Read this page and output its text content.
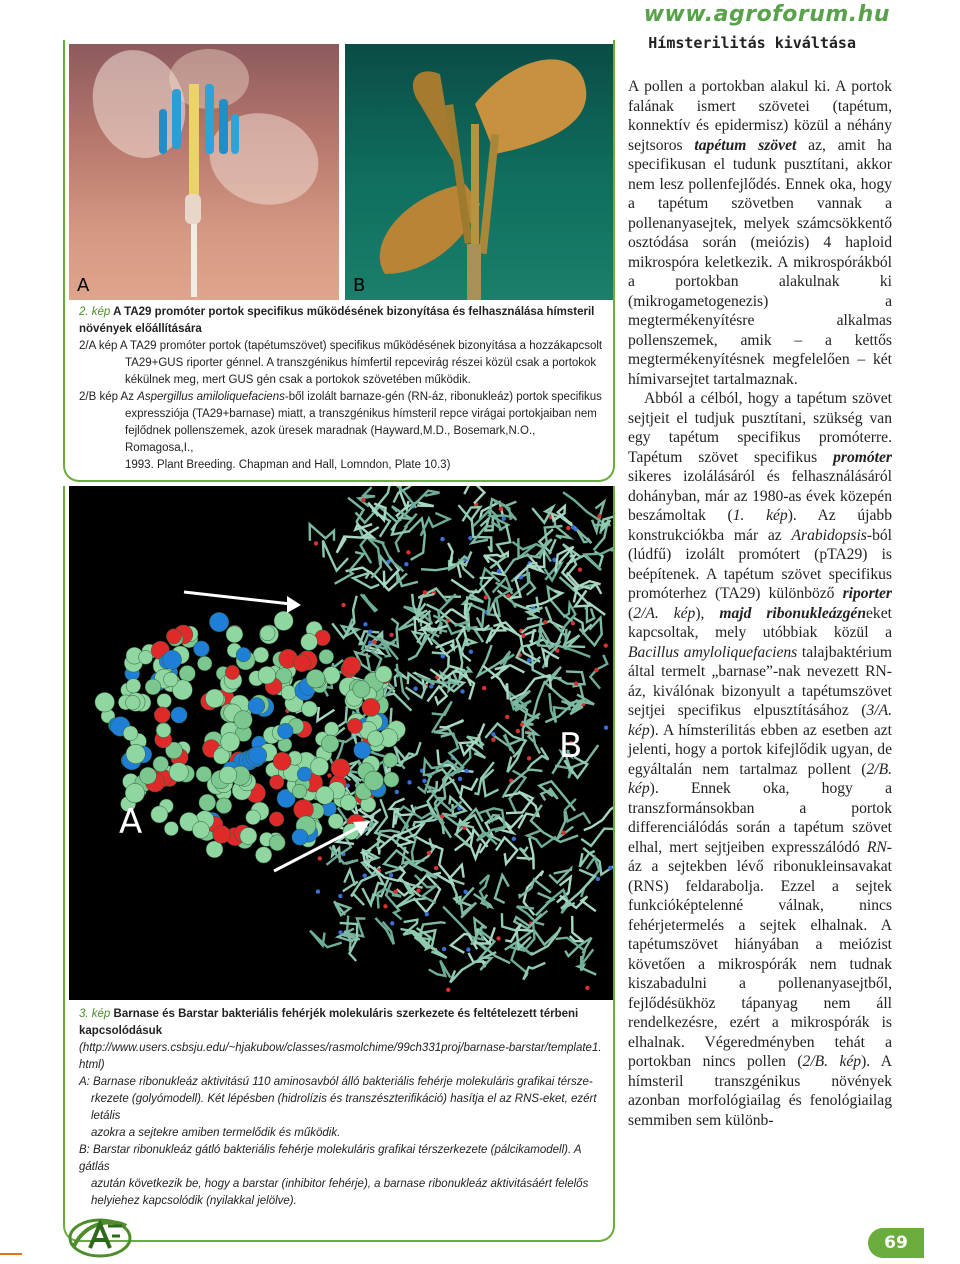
www.agroforum.hu
Hímsterilitás kiváltása
A	B
2. kép A TA29 promóter portok specifikus működésének bizonyítása és felhasználása hímsteril növények előállítására
2/A kép A TA29 promóter portok (tapétumszövet) specifikus működésének bizonyítása a hozzákapcsolt
TA29+GUS riporter génnel. A transzgénikus hímfertil repcevirág részei közül csak a portokok
kékülnek meg, mert GUS gén csak a portokok szövetében működik.
2/B kép Az Aspergillus amiloliquefaciens-ből izolált barnaze-gén (RN-áz, ribonukleáz) portok specifikus
expressziója (TA29+barnase) miatt, a transzgénikus hímsteril repce virágai portokjaiban nem
fejlődnek pollenszemek, azok üresek maradnak (Hayward,M.D., Bosemark,N.O., Romagosa,I.,
1993. Plant Breeding. Chapman and Hall, Lomndon, Plate 10.3)
A
B
3. kép Barnase és Barstar bakteriális fehérjék molekuláris szerkezete és feltételezett térbeni kapcsolódásuk
(http://www.users.csbsju.edu/~hjakubow/classes/rasmolchime/99ch331proj/barnase-barstar/template1.
html)
A: Barnase ribonukleáz aktivitású 110 aminosavból álló bakteriális fehérje molekuláris grafikai térsze-
rkezete (golyómodell). Két lépésben (hidrolízis és transzészterifikáció) hasítja el az RNS-eket, ezért letális
azokra a sejtekre amiben termelődik és működik.
B: Barstar ribonukleáz gátló bakteriális fehérje molekuláris grafikai térszerkezete (pálcikamodell). A gátlás
azután következik be, hogy a barstar (inhibitor fehérje), a barnase ribonukleáz aktivitásáért felelős
helyiehez kapcsolódik (nyilakkal jelölve).

A pollen a portokban alakul ki. A portok falának ismert szövetei (tapétum, konnektív és epidermisz) közül a néhány sejtsoros tapétum szövet az, amit ha specifikusan el tudunk pusztítani, akkor nem lesz pollenfejlődés. Ennek oka, hogy a tapétum szövetben vannak a pollenanyasejtek, melyek számcsökkentő osztódása során (meiózis) 4 haploid mikrospóra keletkezik. A mikrospórákból a portokban alakulnak ki (mikrogametogenezis) a megtermékenyítésre alkalmas pollenszemek, amik – a kettős megtermékenyítésnek megfelelően – két hímivarsejtet tartalmaznak.

Abból a célból, hogy a tapétum szövet sejtjeit el tudjuk pusztítani, szükség van egy tapétum specifikus promóterre. Tapétum szövet specifikus promóter sikeres izolálásáról és felhasználásáról dohányban, már az 1980-as évek közepén beszámoltak (1. kép). Az újabb konstrukciókba már az Arabidopsis-ból (lúdfű) izolált promótert (pTA29) is beépítenek. A tapétum szövet specifikus promóterhez (TA29) különböző riporter (2/A. kép), majd ribonukleázgéneket kapcsoltak, mely utóbbiak közül a Bacillus amyloliquefaciens talajbaktérium által termelt „barnase”-nak nevezett RN-áz, kiválónak bizonyult a tapétumszövet sejtjei specifikus elpusztításához (3/A. kép). A hímsterilitás ebben az esetben azt jelenti, hogy a portok kifejlődik ugyan, de egyáltalán nem tartalmaz pollent (2/B. kép). Ennek oka, hogy a transzformánsokban a portok differenciálódás során a tapétum szövet elhal, mert sejtjeiben expresszálódó RN-áz a sejtekben lévő ribonukleinsavakat (RNS) feldarabolja. Ezzel a sejtek funkcióképtelenné válnak, nincs fehérjetermelés a sejtek elhalnak. A tapétumszövet hiányában a meiózist követően a mikrospórák nem tudnak kiszabadulni a pollenanyasejtből, fejlődésükhöz tápanyag nem áll rendelkezésre, ezért a mikrospórák is elhalnak. Végeredményben tehát a portokban nincs pollen (2/B. kép). A hímsteril transzgénikus növények azonban morfológiailag és fenológiailag semmiben sem különb-

69
